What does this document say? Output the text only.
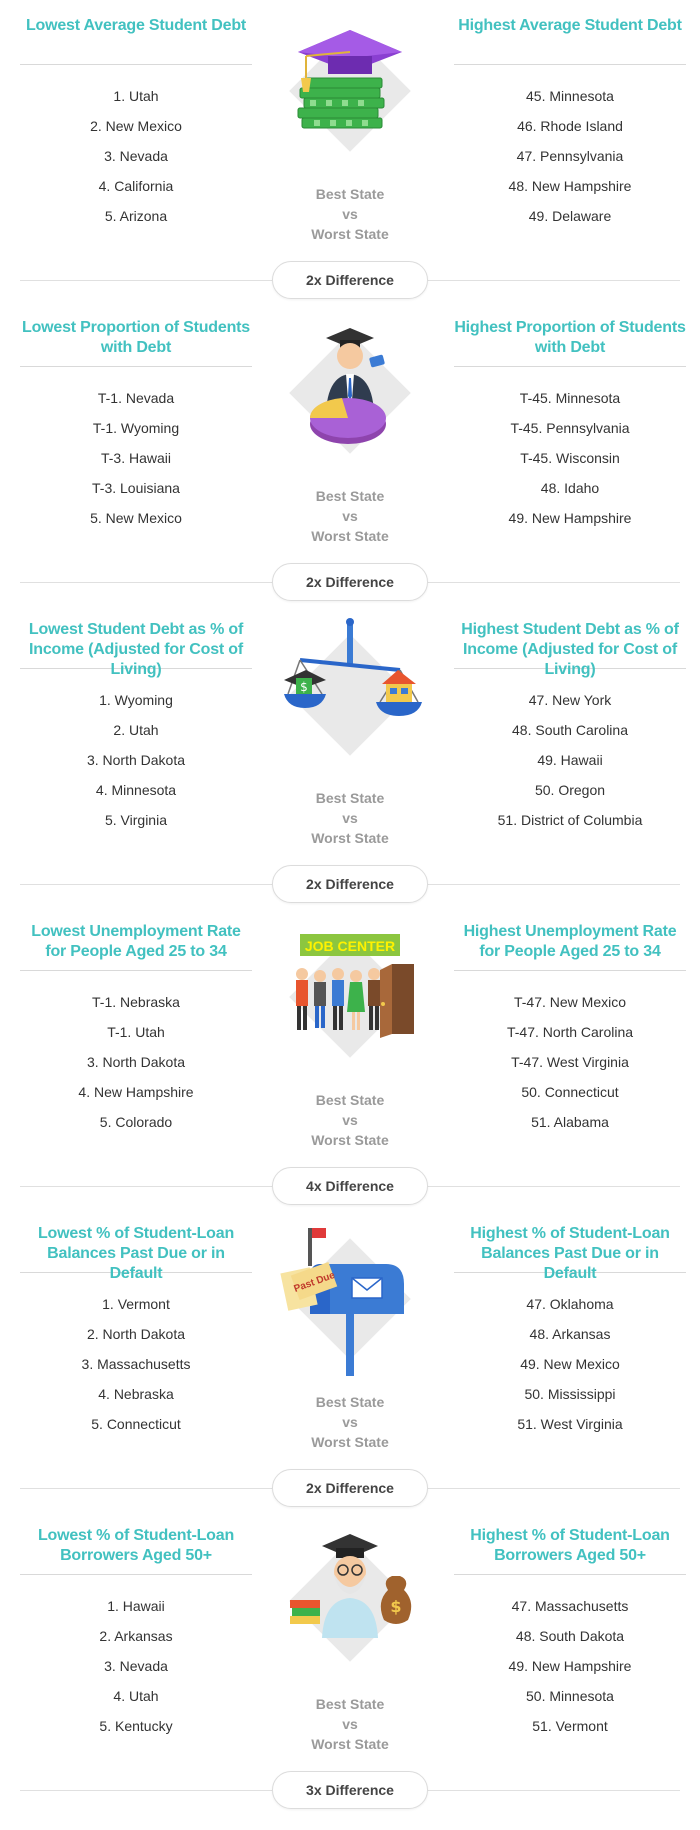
Lowest Average Student Debt
1. Utah
2. New Mexico
3. Nevada
4. California
5. Arizona
Best State
vs
Worst State
Highest Average Student Debt
45. Minnesota
46. Rhode Island
47. Pennsylvania
48. New Hampshire
49. Delaware
2x Difference
Lowest Proportion of Students with Debt
T-1. Nevada
T-1. Wyoming
T-3. Hawaii
T-3. Louisiana
5. New Mexico
Best State
vs
Worst State
Highest Proportion of Students with Debt
T-45. Minnesota
T-45. Pennsylvania
T-45. Wisconsin
48. Idaho
49. New Hampshire
2x Difference
Lowest Student Debt as % of Income (Adjusted for Cost of Living)
1. Wyoming
2. Utah
3. North Dakota
4. Minnesota
5. Virginia
$
Best State
vs
Worst State
Highest Student Debt as % of Income (Adjusted for Cost of Living)
47. New York
48. South Carolina
49. Hawaii
50. Oregon
51. District of Columbia
2x Difference
Lowest Unemployment Rate for People Aged 25 to 34
T-1. Nebraska
T-1. Utah
3. North Dakota
4. New Hampshire
5. Colorado
JOB CENTER
Best State
vs
Worst State
Highest Unemployment Rate for People Aged 25 to 34
T-47. New Mexico
T-47. North Carolina
T-47. West Virginia
50. Connecticut
51. Alabama
4x Difference
Lowest % of Student-Loan Balances Past Due or in Default
1. Vermont
2. North Dakota
3. Massachusetts
4. Nebraska
5. Connecticut
Past Due
Best State
vs
Worst State
Highest % of Student-Loan Balances Past Due or in Default
47. Oklahoma
48. Arkansas
49. New Mexico
50. Mississippi
51. West Virginia
2x Difference
Lowest % of Student-Loan Borrowers Aged 50+
1. Hawaii
2. Arkansas
3. Nevada
4. Utah
5. Kentucky
$
Best State
vs
Worst State
Highest % of Student-Loan Borrowers Aged 50+
47. Massachusetts
48. South Dakota
49. New Hampshire
50. Minnesota
51. Vermont
3x Difference
